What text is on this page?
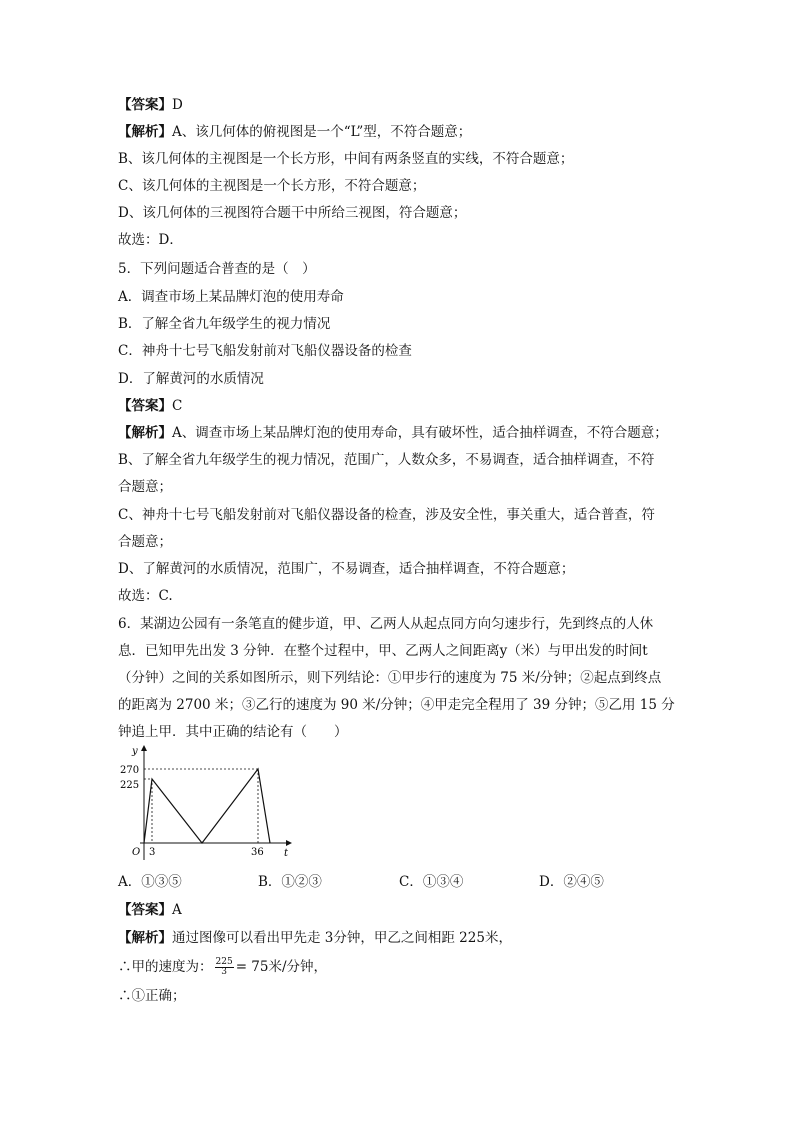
【答案】D
【解析】A、该几何体的俯视图是一个“L”型，不符合题意；
B、该几何体的主视图是一个长方形，中间有两条竖直的实线，不符合题意；
C、该几何体的主视图是一个长方形，不符合题意；
D、该几何体的三视图符合题干中所给三视图，符合题意；
故选：D．
5．下列问题适合普查的是（　）
A．调查市场上某品牌灯泡的使用寿命
B．了解全省九年级学生的视力情况
C．神舟十七号飞船发射前对飞船仪器设备的检查
D．了解黄河的水质情况
【答案】C
【解析】A、调查市场上某品牌灯泡的使用寿命，具有破坏性，适合抽样调查，不符合题意；
B、了解全省九年级学生的视力情况，范围广，人数众多，不易调查，适合抽样调查，不符
合题意；
C、神舟十七号飞船发射前对飞船仪器设备的检查，涉及安全性，事关重大，适合普查，符
合题意；
D、了解黄河的水质情况，范围广，不易调查，适合抽样调查，不符合题意；
故选：C.
6．某湖边公园有一条笔直的健步道，甲、乙两人从起点同方向匀速步行，先到终点的人休
息．已知甲先出发 3 分钟．在整个过程中，甲、乙两人之间距离y（米）与甲出发的时间t
（分钟）之间的关系如图所示，则下列结论：①甲步行的速度为 75 米/分钟；②起点到终点
的距离为 2700 米；③乙行的速度为 90 米/分钟；④甲走完全程用了 39 分钟；⑤乙用 15 分
钟追上甲．其中正确的结论有（　　）
【答案】A
【解析】通过图像可以看出甲先走 3分钟，甲乙之间相距 225米，
y
t
O
270
225
3	36
A．①③⑤	B．①②③	C．①③④	D．②④⑤
∴甲的速度为： $\frac{225}{3} = 75$米/分钟，
∴①正确；
